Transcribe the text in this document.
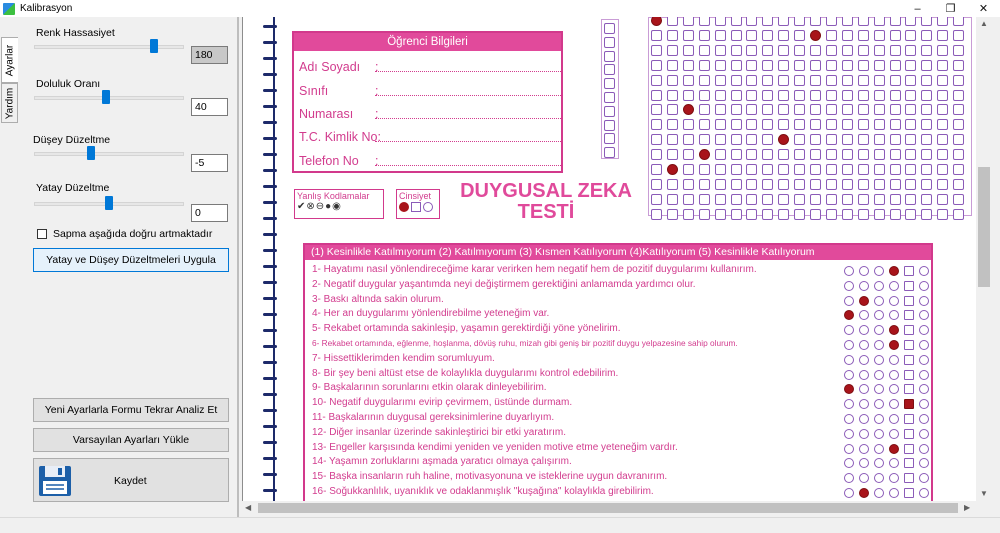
Kalibrasyon	–	❐	✕
Ayarlar
Yardım
Renk Hassasiyet
180
Doluluk Oranı
40
Düşey Düzeltme
-5
Yatay Düzeltme
0
Sapma aşağıda doğru artmaktadır
Yatay ve Düşey Düzeltmeleri Uygula
Yeni Ayarlarla Formu Tekrar Analiz Et
Varsayılan Ayarları Yükle
Kaydet
Öğrenci Bilgileri
Adı Soyadı :
Sınıfı	:
Numarası :
T.C. Kimlik No:
Telefon No :
Yanlış Kodlamalar
✔⊗⊖●◉
Cinsiyet	DUYGUSAL ZEKA
TESTİ
(1) Kesinlikle Katılmıyorum (2) Katılmıyorum (3) Kısmen Katılıyorum (4)Katılıyorum (5) Kesinlikle Katılıyorum
1- Hayatımı nasıl yönlendireceğime karar verirken hem negatif hem de pozitif duygularımı kullanırım.
2- Negatif duygular yaşantımda neyi değiştirmem gerektiğini anlamamda yardımcı olur.
3- Baskı altında sakin olurum.
4- Her an duygularımı yönlendirebilme yeteneğim var.
5- Rekabet ortamında sakinleşip, yaşamın gerektirdiği yöne yönelirim.
6- Rekabet ortamında, eğlenme, hoşlanma, dövüş ruhu, mizah gibi geniş bir pozitif duygu yelpazesine sahip olurum.
7- Hissettiklerimden kendim sorumluyum.
8- Bir şey beni altüst etse de kolaylıkla duygularımı kontrol edebilirim.
9- Başkalarının sorunlarını etkin olarak dinleyebilirim.
10- Negatif duygularımı evirip çevirmem, üstünde durmam.
11- Başkalarının duygusal gereksinimlerine duyarlıyım.
12- Diğer insanlar üzerinde sakinleştirici bir etki yaratırım.
13- Engeller karşısında kendimi yeniden ve yeniden motive etme yeteneğim vardır.
14- Yaşamın zorluklarını aşmada yaratıcı olmaya çalışırım.
15- Başka insanların ruh haline, motivasyonuna ve isteklerine uygun davranırım.
16- Soğukkanlılık, uyanıklık ve odaklanmışlık "kuşağına" kolaylıkla girebilirim.
▲
▼
◀	▶
